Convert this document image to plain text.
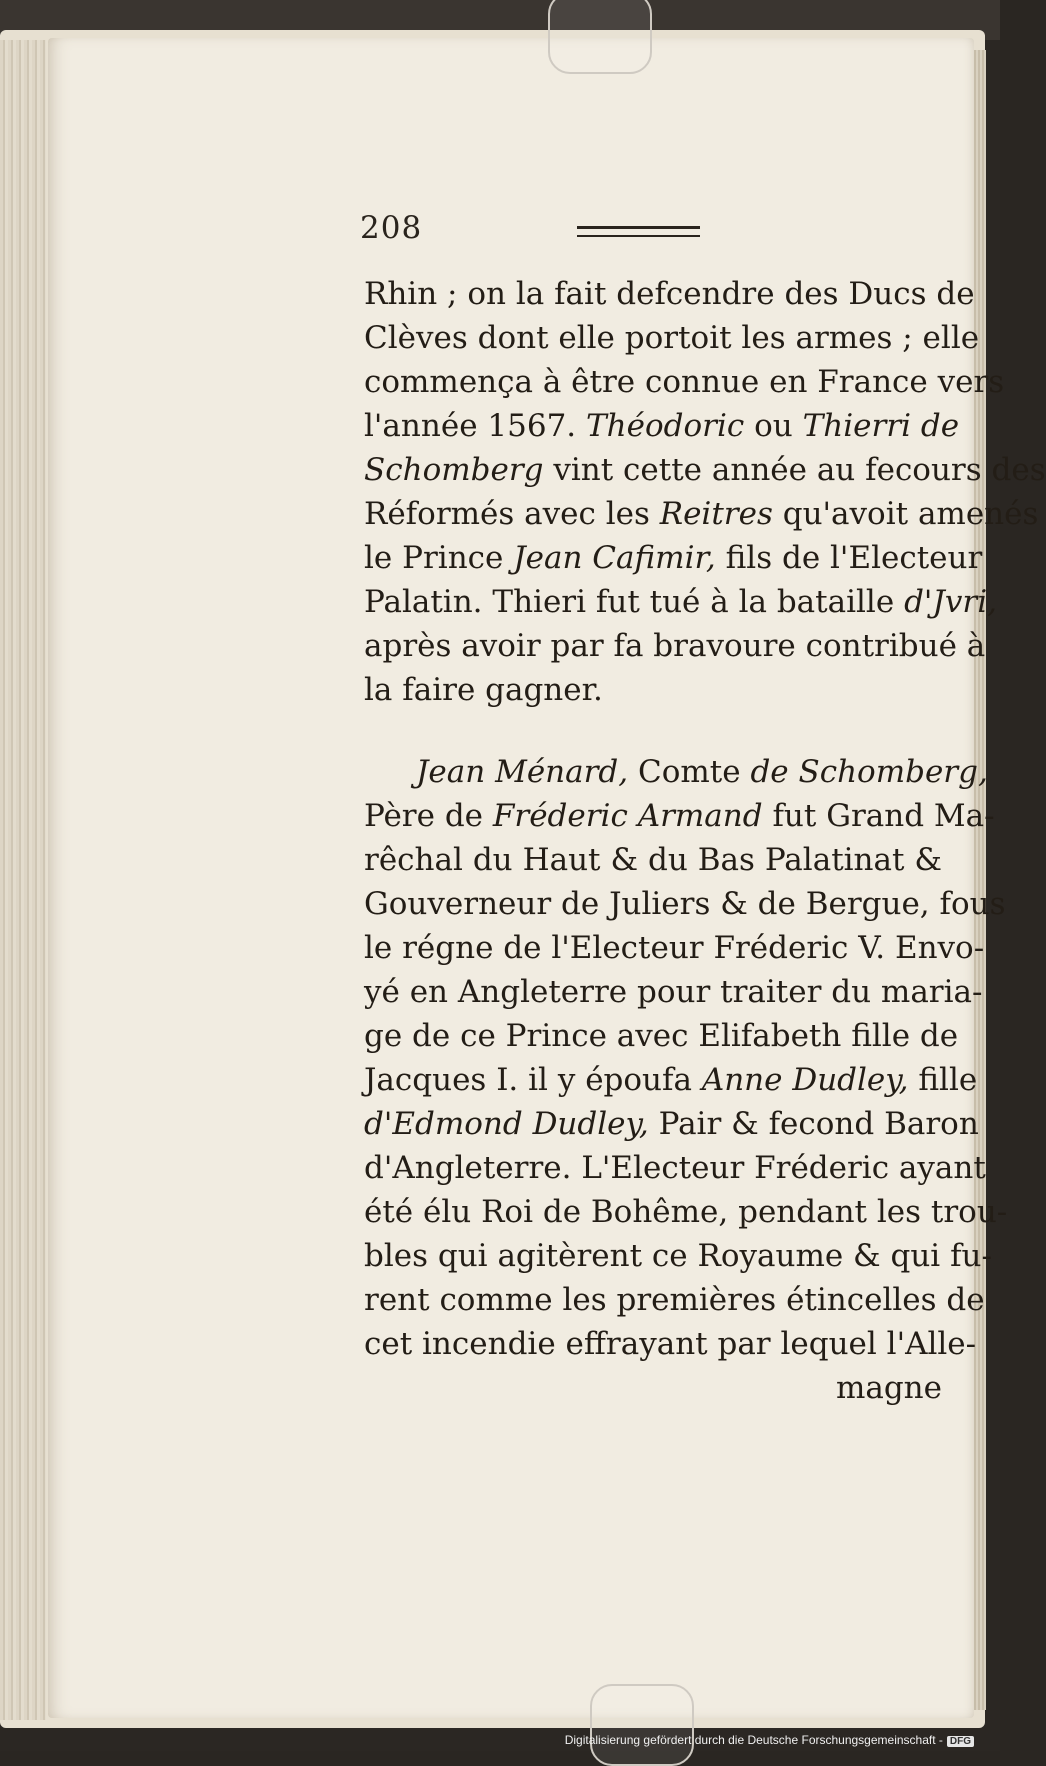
208
Rhin ; on la fait defcendre des Ducs de
Clèves dont elle portoit les armes ; elle
commença à être connue en France vers
l'année 1567. Théodoric ou Thierri de
Schomberg vint cette année au fecours des
Réformés avec les Reitres qu'avoit amenés
le Prince Jean Cafimir, fils de l'Electeur
Palatin. Thieri fut tué à la bataille d'Jvri,
après avoir par fa bravoure contribué à
la faire gagner.
Jean Ménard, Comte de Schomberg,
Père de Fréderic Armand fut Grand Ma-
rêchal du Haut & du Bas Palatinat &
Gouverneur de Juliers & de Bergue, fous
le régne de l'Electeur Fréderic V. Envo-
yé en Angleterre pour traiter du maria-
ge de ce Prince avec Elifabeth fille de
Jacques I. il y époufa Anne Dudley, fille
d'Edmond Dudley, Pair & fecond Baron
d'Angleterre. L'Electeur Fréderic ayant
été élu Roi de Bohême, pendant les trou-
bles qui agitèrent ce Royaume & qui fu-
rent comme les premières étincelles de
cet incendie effrayant par lequel l'Alle-
magne
Digitalisierung gefördert durch die Deutsche Forschungsgemeinschaft - DFG
